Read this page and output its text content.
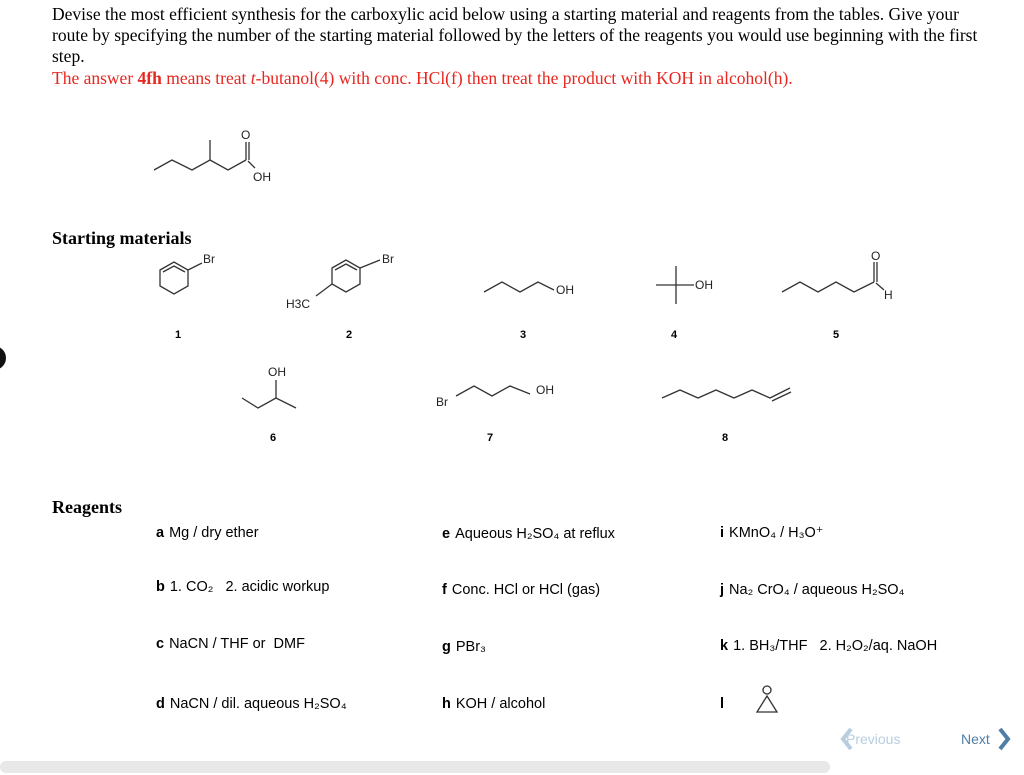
Devise the most efficient synthesis for the carboxylic acid below using a starting material and reagents from the tables. Give your route by specifying the number of the starting material followed by the letters of the reagents you would use beginning with the first step.
The answer 4fh means treat t-butanol(4) with conc. HCl(f) then treat the product with KOH in alcohol(h).
O
OH
Starting materials
Br
1
Br
H3C
2
OH
3
OH
4
O
H
5
OH
6
Br
OH
7	8
Reagents
a Mg / dry ether
b 1. CO₂   2. acidic workup
c NaCN / THF or  DMF
d NaCN / dil. aqueous H₂SO₄
e Aqueous H₂SO₄ at reflux
f Conc. HCl or HCl (gas)
g PBr₃
h KOH / alcohol
i KMnO₄ / H₃O⁺
j Na₂ CrO₄ / aqueous H₂SO₄
k 1. BH₃/THF   2. H₂O₂/aq. NaOH
l
Previous	Next
